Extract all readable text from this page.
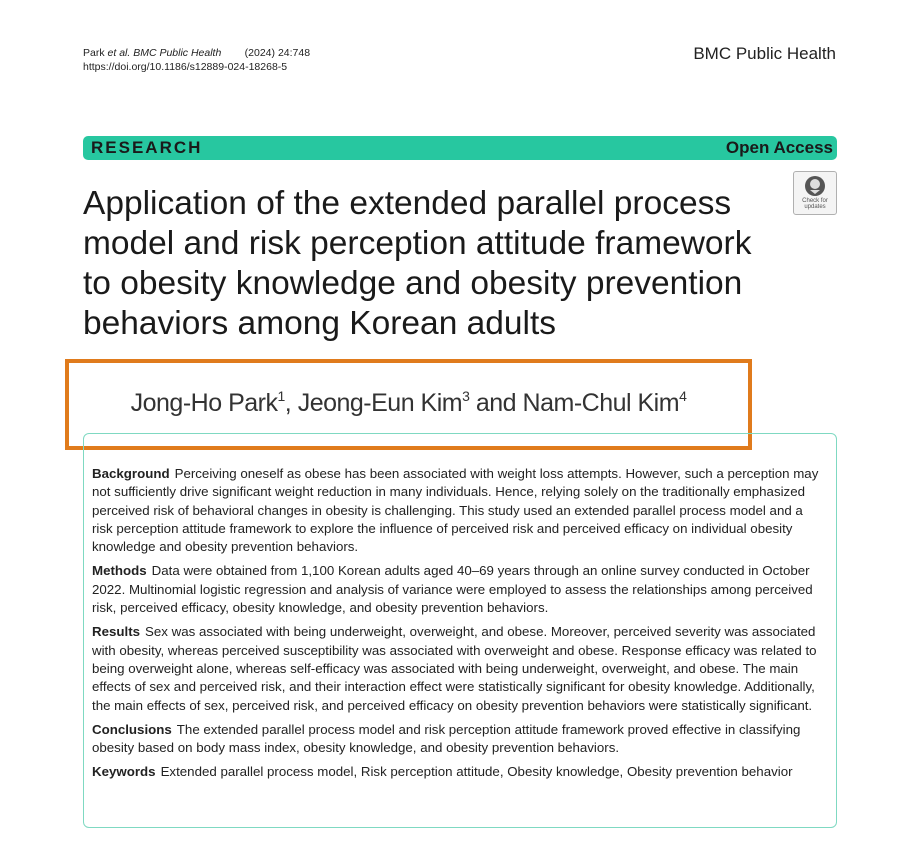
Park et al. BMC Public Health (2024) 24:748
https://doi.org/10.1186/s12889-024-18268-5
BMC Public Health
RESEARCH	Open Access
Check for
updates
Application of the extended parallel process model and risk perception attitude framework to obesity knowledge and obesity prevention behaviors among Korean adults
Jong-Ho Park$^1$, Jeong-Eun Kim$^3$ and Nam-Chul Kim$^4$

Background Perceiving oneself as obese has been associated with weight loss attempts. However, such a perception may not sufficiently drive significant weight reduction in many individuals. Hence, relying solely on the traditionally emphasized perceived risk of behavioral changes in obesity is challenging. This study used an extended parallel process model and a risk perception attitude framework to explore the influence of perceived risk and perceived efficacy on individual obesity knowledge and obesity prevention behaviors.

Methods Data were obtained from 1,100 Korean adults aged 40–69 years through an online survey conducted in October 2022. Multinomial logistic regression and analysis of variance were employed to assess the relationships among perceived risk, perceived efficacy, obesity knowledge, and obesity prevention behaviors.

Results Sex was associated with being underweight, overweight, and obese. Moreover, perceived severity was associated with obesity, whereas perceived susceptibility was associated with overweight and obese. Response efficacy was related to being overweight alone, whereas self-efficacy was associated with being underweight, overweight, and obese. The main effects of sex and perceived risk, and their interaction effect were statistically significant for obesity knowledge. Additionally, the main effects of sex, perceived risk, and perceived efficacy on obesity prevention behaviors were statistically significant.

Conclusions The extended parallel process model and risk perception attitude framework proved effective in classifying obesity based on body mass index, obesity knowledge, and obesity prevention behaviors.

Keywords Extended parallel process model, Risk perception attitude, Obesity knowledge, Obesity prevention behavior
